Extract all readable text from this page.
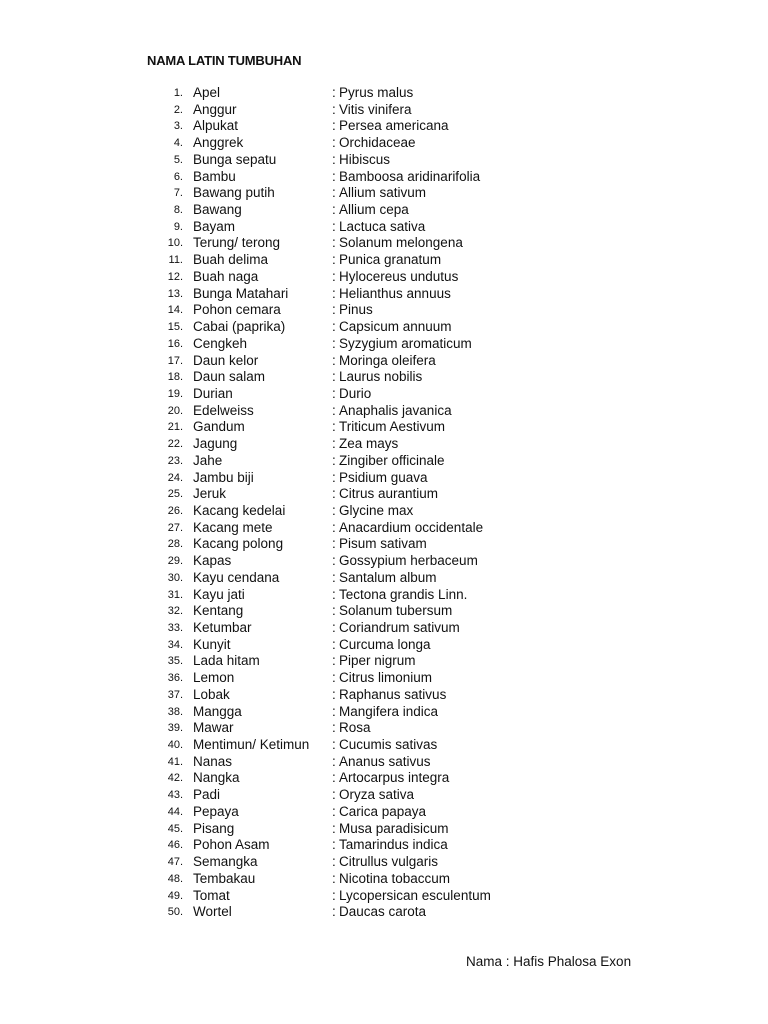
NAMA LATIN TUMBUHAN
1. Apel	: Pyrus malus
2. Anggur	: Vitis vinifera
3. Alpukat	: Persea americana
4. Anggrek	: Orchidaceae
5. Bunga sepatu	: Hibiscus
6. Bambu	: Bamboosa aridinarifolia
7. Bawang putih	: Allium sativum
8. Bawang	: Allium cepa
9. Bayam	: Lactuca sativa
10. Terung/ terong	: Solanum melongena
11. Buah delima	: Punica granatum
12. Buah naga	: Hylocereus undutus
13. Bunga Matahari	: Helianthus annuus
14. Pohon cemara	: Pinus
15. Cabai (paprika)	: Capsicum annuum
16. Cengkeh	: Syzygium aromaticum
17. Daun kelor	: Moringa oleifera
18. Daun salam	: Laurus nobilis
19. Durian	: Durio
20. Edelweiss	: Anaphalis javanica
21. Gandum	: Triticum Aestivum
22. Jagung	: Zea mays
23. Jahe	: Zingiber officinale
24. Jambu biji	: Psidium guava
25. Jeruk	: Citrus aurantium
26. Kacang kedelai	: Glycine max
27. Kacang mete	: Anacardium occidentale
28. Kacang polong	: Pisum sativam
29. Kapas	: Gossypium herbaceum
30. Kayu cendana	: Santalum album
31. Kayu jati	: Tectona grandis Linn.
32. Kentang	: Solanum tubersum
33. Ketumbar	: Coriandrum sativum
34. Kunyit	: Curcuma longa
35. Lada hitam	: Piper nigrum
36. Lemon	: Citrus limonium
37. Lobak	: Raphanus sativus
38. Mangga	: Mangifera indica
39. Mawar	: Rosa
40. Mentimun/ Ketimun : Cucumis sativas
41. Nanas	: Ananus sativus
42. Nangka	: Artocarpus integra
43. Padi	: Oryza sativa
44. Pepaya	: Carica papaya
45. Pisang	: Musa paradisicum
46. Pohon Asam	: Tamarindus indica
47. Semangka	: Citrullus vulgaris
48. Tembakau	: Nicotina tobaccum
49. Tomat	: Lycopersican esculentum
50. Wortel	: Daucas carota
Nama : Hafis Phalosa Exon
